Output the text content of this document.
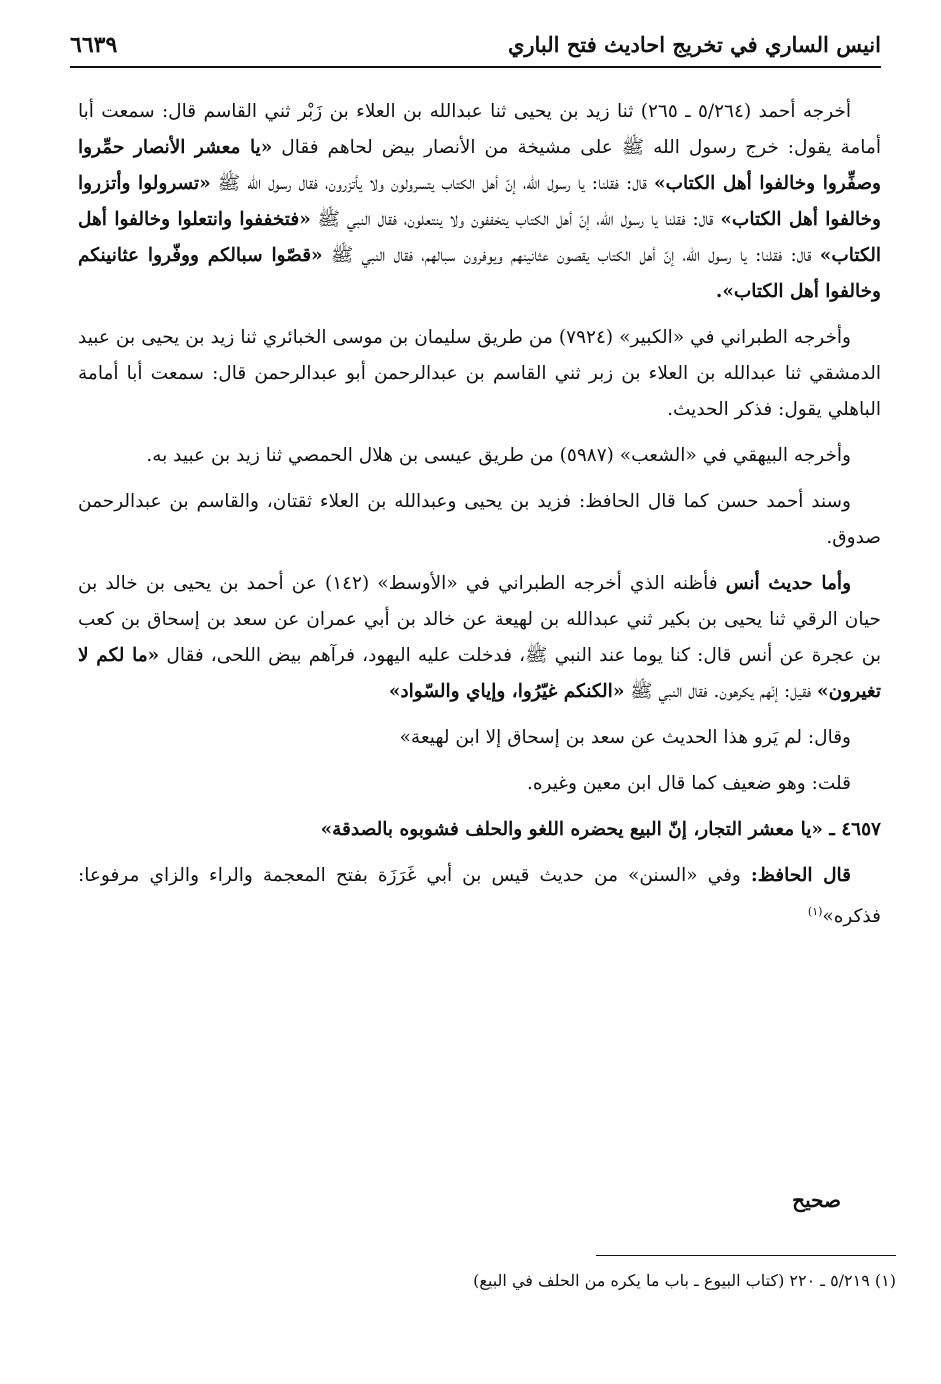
انيس الساري في تخريج احاديث فتح الباري
٦٦٣٩

أخرجه أحمد (٥/٢٦٤ ـ ٢٦٥) ثنا زيد بن يحيى ثنا عبدالله بن العلاء بن زَبْر ثني القاسم قال: سمعت أبا أمامة يقول: خرج رسول الله ﷺ على مشيخة من الأنصار بيض لحاهم فقال «يا معشر الأنصار حمِّروا وصفِّروا وخالفوا أهل الكتاب» قال: فقلنا: يا رسول الله، إنّ أهل الكتاب يتسرولون ولا يأتزرون، فقال رسول الله ﷺ «تسرولوا وأتزروا وخالفوا أهل الكتاب» قال: فقلنا يا رسول الله، إنّ أهل الكتاب يتخففون ولا ينتعلون، فقال النبي ﷺ «فتخففوا وانتعلوا وخالفوا أهل الكتاب» قال: فقلنا: يا رسول الله، إنّ أهل الكتاب يقصون عثانينهم ويوفرون سبالهم، فقال النبي ﷺ «قصّوا سبالكم ووفّروا عثانينكم وخالفوا أهل الكتاب».

وأخرجه الطبراني في «الكبير» (٧٩٢٤) من طريق سليمان بن موسى الخبائري ثنا زيد بن يحيى بن عبيد الدمشقي ثنا عبدالله بن العلاء بن زبر ثني القاسم بن عبدالرحمن أبو عبدالرحمن قال: سمعت أبا أمامة الباهلي يقول: فذكر الحديث.

وأخرجه البيهقي في «الشعب» (٥٩٨٧) من طريق عيسى بن هلال الحمصي ثنا زيد بن عبيد به.

وسند أحمد حسن كما قال الحافظ: فزيد بن يحيى وعبدالله بن العلاء ثقتان، والقاسم بن عبدالرحمن صدوق.

وأما حديث أنس فأظنه الذي أخرجه الطبراني في «الأوسط» (١٤٢) عن أحمد بن يحيى بن خالد بن حيان الرقي ثنا يحيى بن بكير ثني عبدالله بن لهيعة عن خالد بن أبي عمران عن سعد بن إسحاق بن كعب بن عجرة عن أنس قال: كنا يوما عند النبي ﷺ، فدخلت عليه اليهود، فرآهم بيض اللحى، فقال «ما لكم لا تغيرون» فقيل: إنّهم يكرهون. فقال النبي ﷺ «الكنكم غيّرُوا، وإياي والسّواد»

وقال: لم يَرو هذا الحديث عن سعد بن إسحاق إلا ابن لهيعة»

قلت: وهو ضعيف كما قال ابن معين وغيره.

٤٦٥٧ ـ «يا معشر التجار، إنّ البيع يحضره اللغو والحلف فشوبوه بالصدقة»

قال الحافظ: وفي «السنن» من حديث قيس بن أبي غَرَزَة بفتح المعجمة والراء والزاي مرفوعا: فذكره»$^{(١)}$

صحيح
(١) ٥/٢١٩ ـ ٢٢٠ (كتاب البيوع ـ باب ما يكره من الحلف في البيع)
